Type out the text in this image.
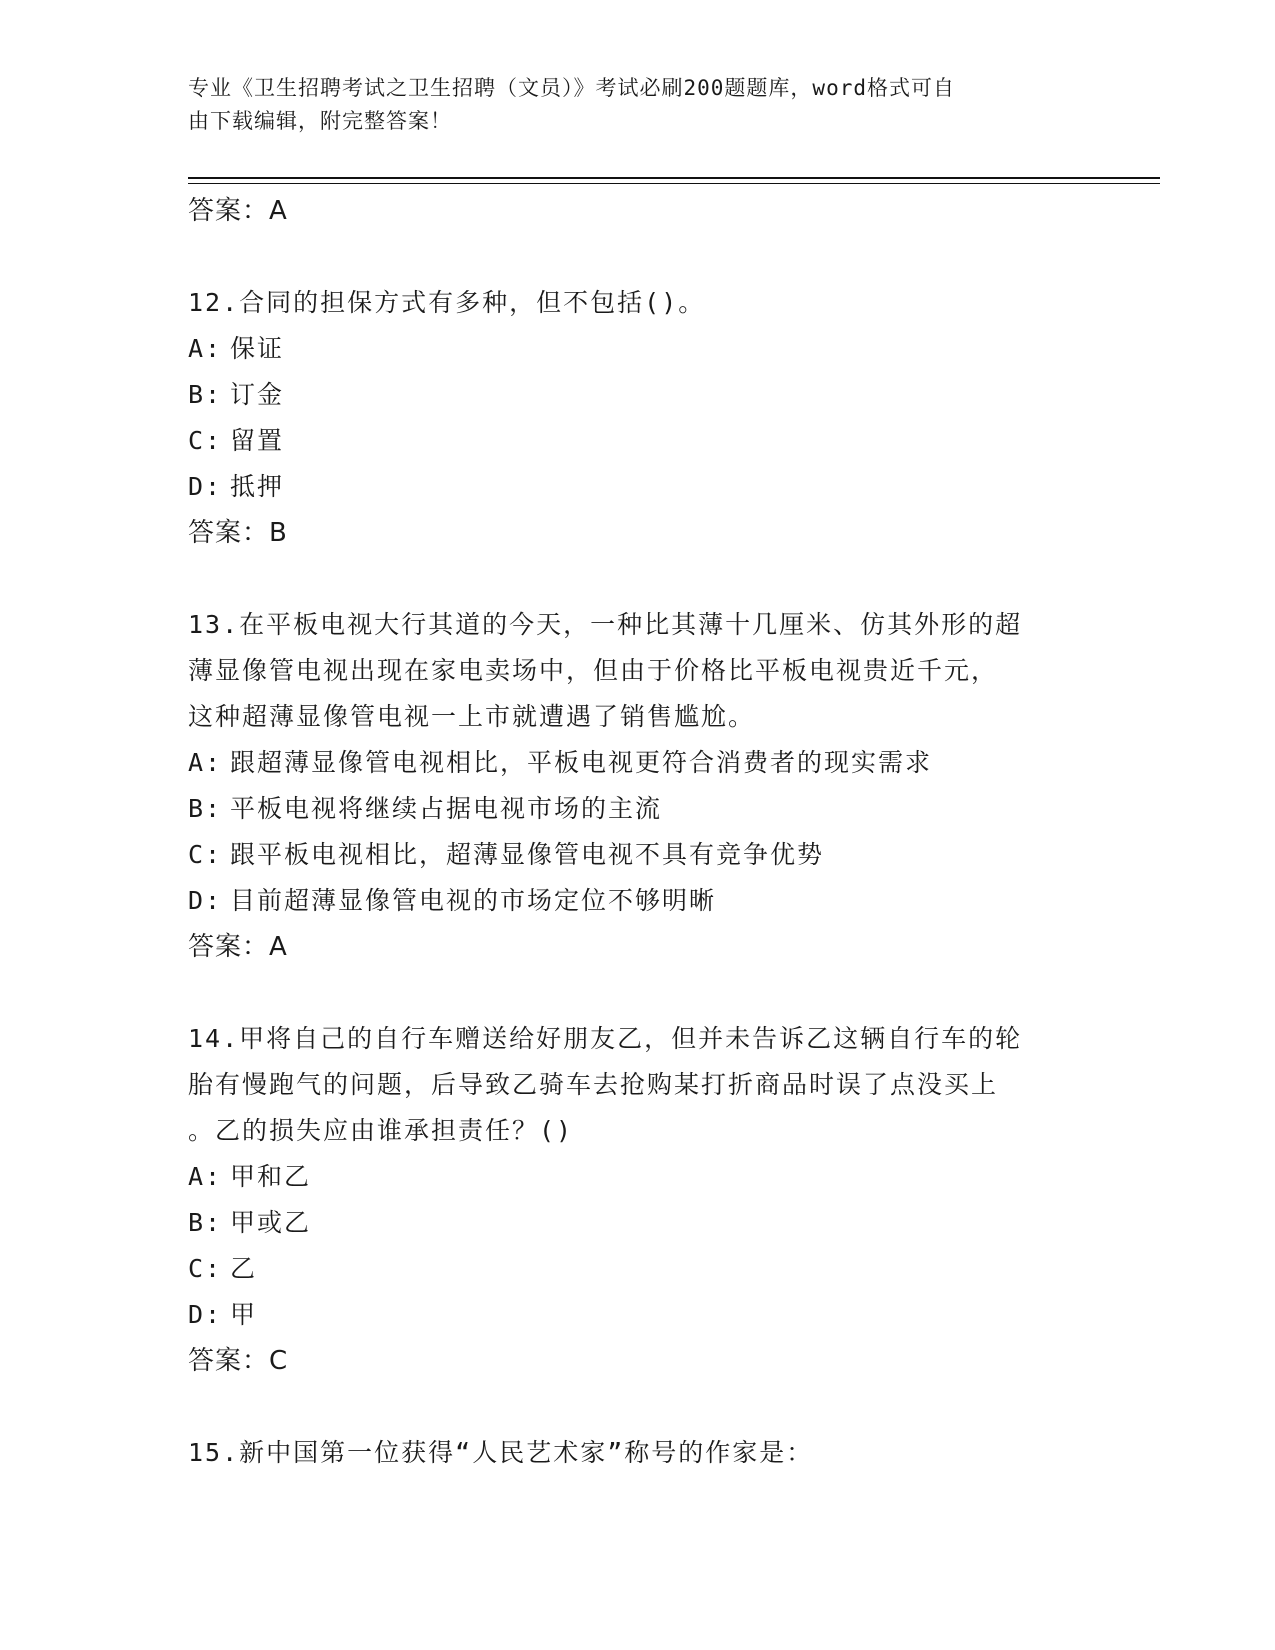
专业《卫生招聘考试之卫生招聘（文员）》考试必刷200题题库，word格式可自
由下载编辑，附完整答案！
答案：A
12.合同的担保方式有多种，但不包括()。
A: 保证
B: 订金
C: 留置
D: 抵押
答案：B
13.在平板电视大行其道的今天，一种比其薄十几厘米、仿其外形的超
薄显像管电视出现在家电卖场中，但由于价格比平板电视贵近千元，
这种超薄显像管电视一上市就遭遇了销售尴尬。
A: 跟超薄显像管电视相比，平板电视更符合消费者的现实需求
B: 平板电视将继续占据电视市场的主流
C: 跟平板电视相比，超薄显像管电视不具有竞争优势
D: 目前超薄显像管电视的市场定位不够明晰
答案：A
14.甲将自己的自行车赠送给好朋友乙，但并未告诉乙这辆自行车的轮
胎有慢跑气的问题，后导致乙骑车去抢购某打折商品时误了点没买上
。乙的损失应由谁承担责任？()
A: 甲和乙
B: 甲或乙
C: 乙
D: 甲
答案：C
15.新中国第一位获得“人民艺术家”称号的作家是：
